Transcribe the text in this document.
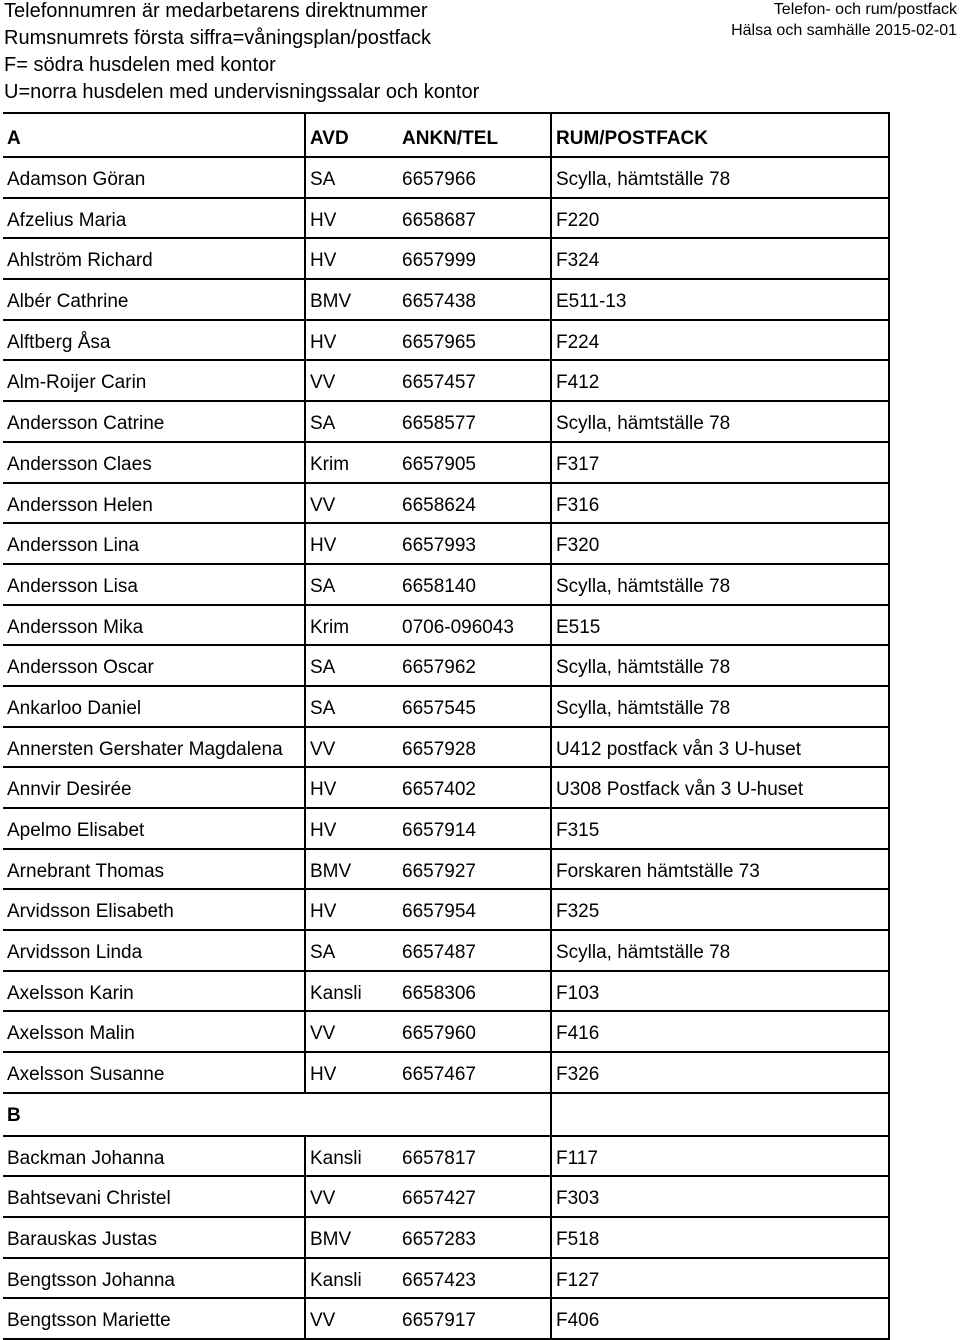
Telefonnumren är medarbetarens direktnummer
Rumsnumrets första siffra=våningsplan/postfack
F= södra husdelen med kontor
U=norra husdelen med undervisningssalar och kontor
Telefon- och rum/postfack
Hälsa och samhälle 2015-02-01
A	AVD	ANKN/TEL	RUM/POSTFACK
Adamson Göran	SA	6657966	Scylla, hämtställe 78
Afzelius Maria	HV	6658687	F220
Ahlström Richard	HV	6657999	F324
Albér Cathrine	BMV	6657438	E511-13
Alftberg Åsa	HV	6657965	F224
Alm-Roijer Carin	VV	6657457	F412
Andersson Catrine	SA	6658577	Scylla, hämtställe 78
Andersson Claes	Krim	6657905	F317
Andersson Helen	VV	6658624	F316
Andersson Lina	HV	6657993	F320
Andersson Lisa	SA	6658140	Scylla, hämtställe 78
Andersson Mika	Krim	0706-096043	E515
Andersson Oscar	SA	6657962	Scylla, hämtställe 78
Ankarloo Daniel	SA	6657545	Scylla, hämtställe 78
Annersten Gershater Magdalena	VV	6657928	U412 postfack vån 3 U-huset
Annvir Desirée	HV	6657402	U308 Postfack vån 3 U-huset
Apelmo Elisabet	HV	6657914	F315
Arnebrant Thomas	BMV	6657927	Forskaren hämtställe 73
Arvidsson Elisabeth	HV	6657954	F325
Arvidsson Linda	SA	6657487	Scylla, hämtställe 78
Axelsson Karin	Kansli	6658306	F103
Axelsson Malin	VV	6657960	F416
Axelsson Susanne	HV	6657467	F326
B
Backman Johanna	Kansli	6657817	F117
Bahtsevani Christel	VV	6657427	F303
Barauskas Justas	BMV	6657283	F518
Bengtsson Johanna	Kansli	6657423	F127
Bengtsson Mariette	VV	6657917	F406
